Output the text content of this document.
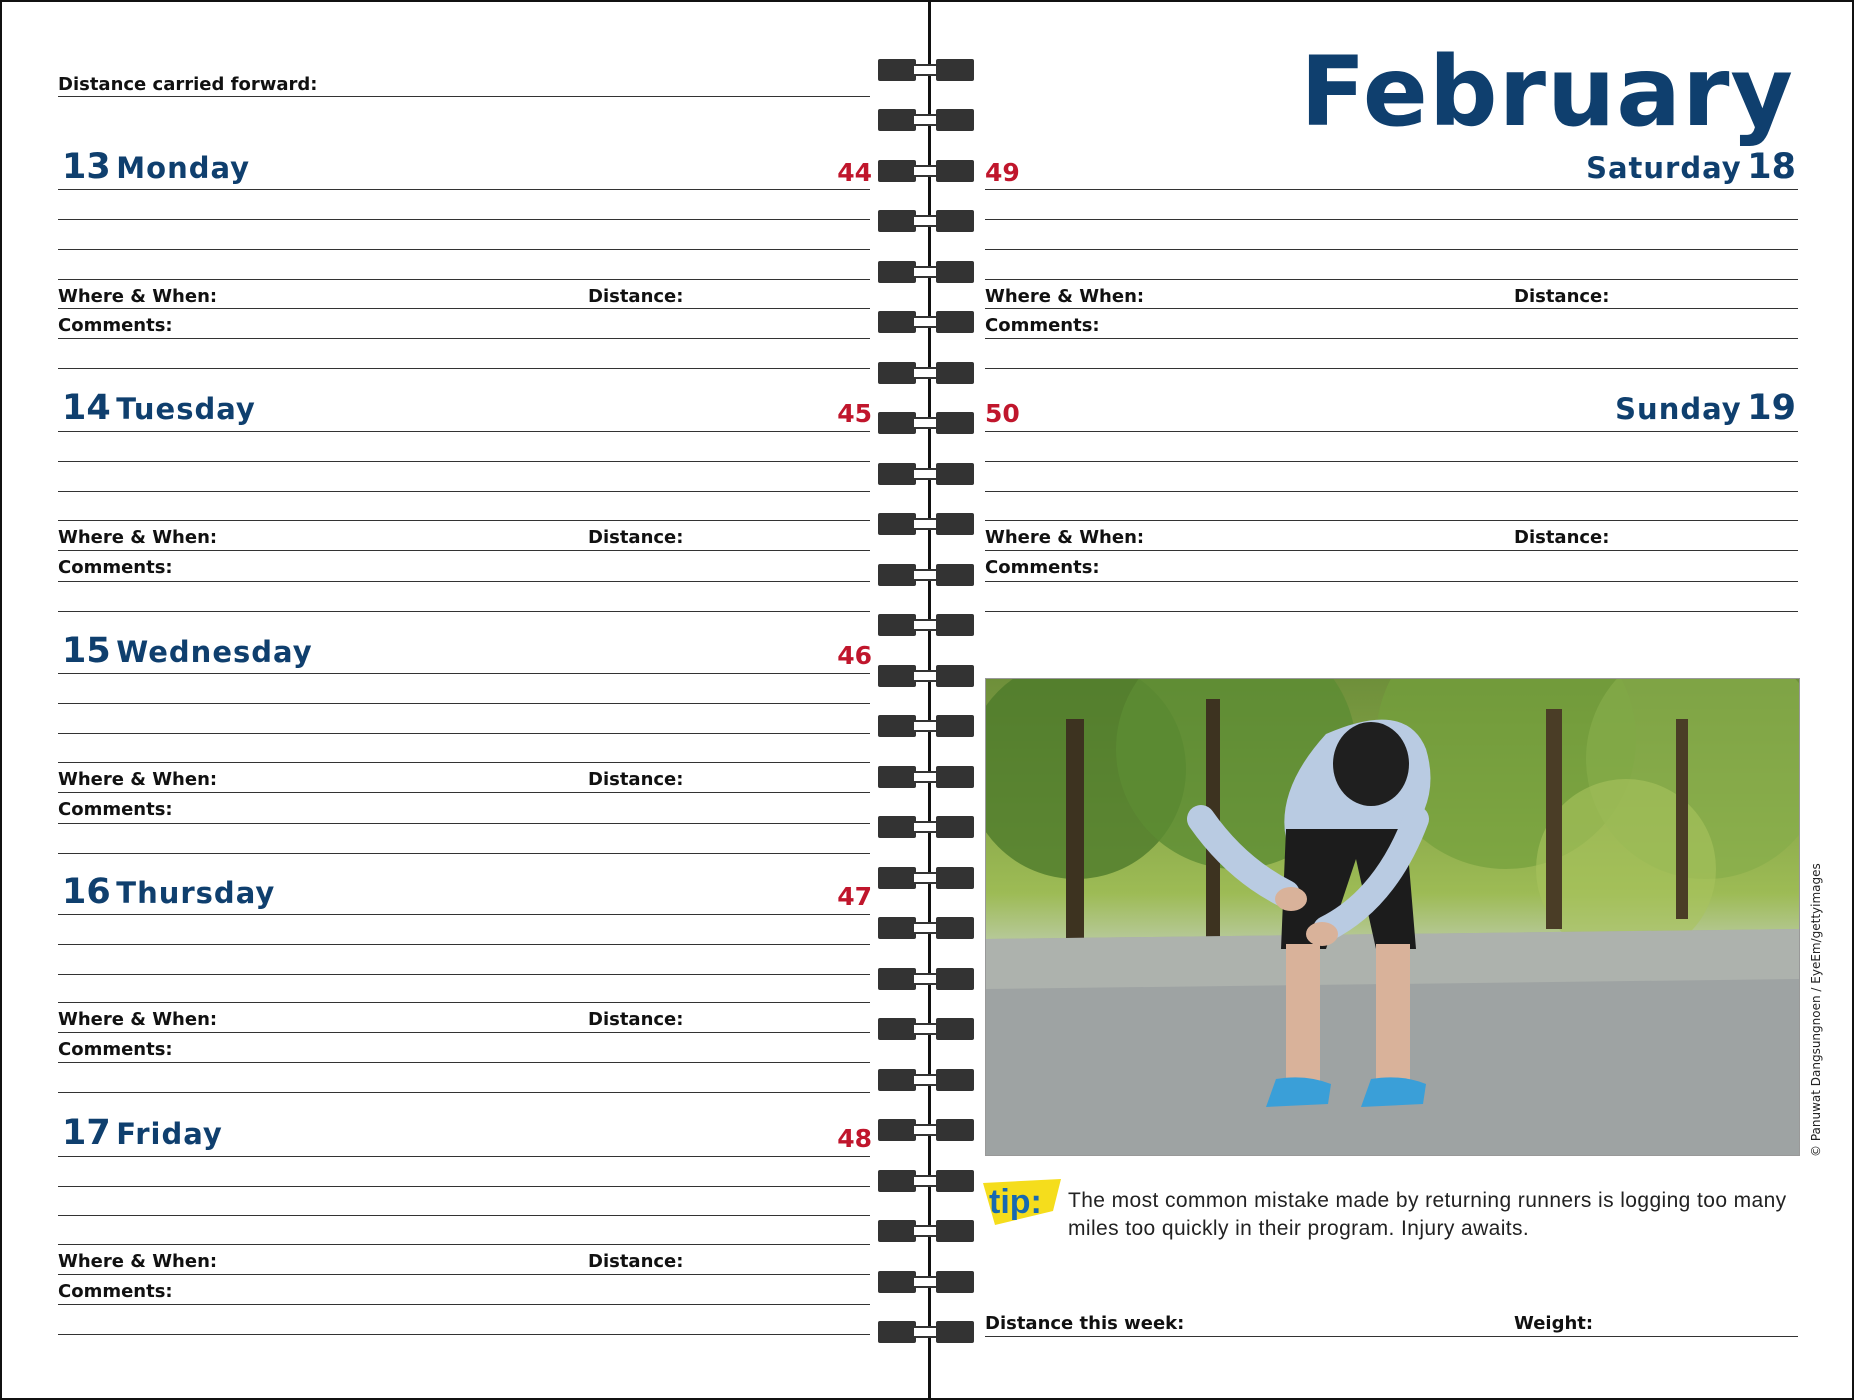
Distance carried forward:
13 Monday	44
Where & When:	Distance:
Comments:
14 Tuesday	45
Where & When:	Distance:
Comments:
15 Wednesday	46
Where & When:	Distance:
Comments:
16 Thursday	47
Where & When:	Distance:
Comments:
17 Friday	48
Where & When:	Distance:
Comments:
February
49	Saturday 18
Where & When:	Distance:
Comments:
50	Sunday 19
Where & When:	Distance:
Comments:
© Panuwat Dangsungnoen / EyeEm/gettyimages
tip: The most common mistake made by returning runners is logging too many miles too quickly in their program. Injury awaits.
Distance this week:	Weight:
